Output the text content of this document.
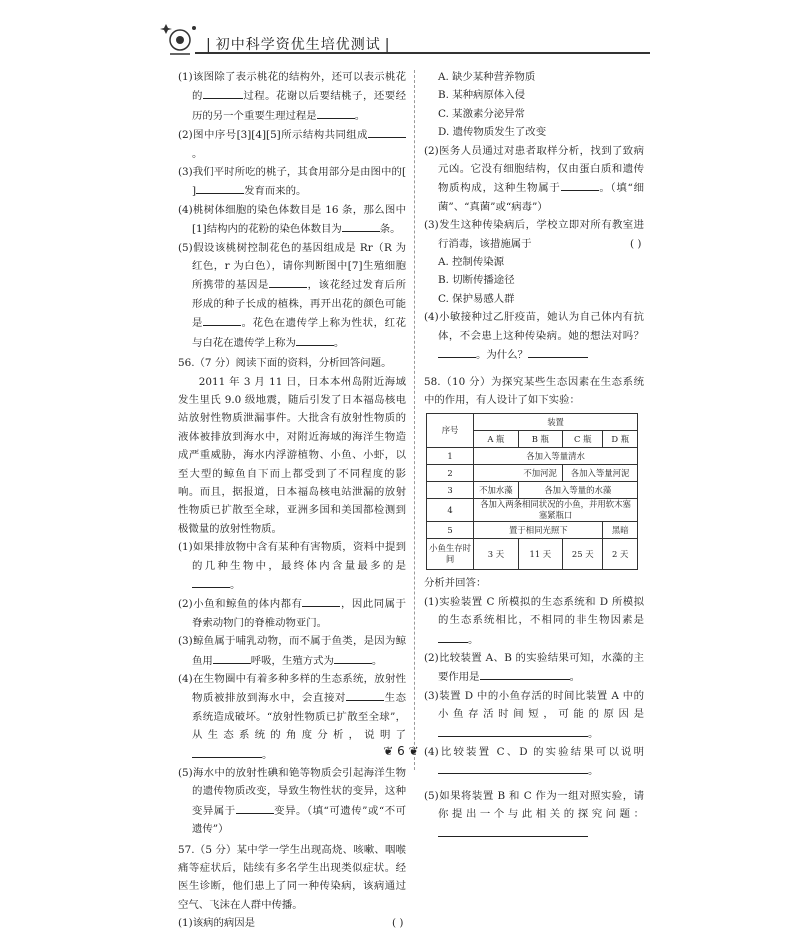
| 初中科学资优生培优测试 |

(1)该图除了表示桃花的结构外，还可以表示桃花的	过程。花谢以后要结桃子，还要经历的另一个重要生理过程是	。

(2)图中序号[3][4][5]所示结构共同组成。

(3)我们平时所吃的桃子，其食用部分是由图中的[ ]	发育而来的。

(4)桃树体细胞的染色体数目是 16 条，那么图中[1]结构内的花粉的染色体数目为	条。

(5)假设该桃树控制花色的基因组成是 Rr（R 为红色，r 为白色），请你判断图中[7]生殖细胞所携带的基因是	，该花经过发育后所形成的种子长成的植株，再开出花的颜色可能是	。花色在遗传学上称为性状，红花与白花在遗传学上称为	。

56.（7 分）阅读下面的资料，分析回答问题。

2011 年 3 月 11 日，日本本州岛附近海域发生里氏 9.0 级地震，随后引发了日本福岛核电站放射性物质泄漏事件。大批含有放射性物质的液体被排放到海水中，对附近海域的海洋生物造成严重威胁，海水内浮游植物、小鱼、小虾，以至大型的鲸鱼自下而上都受到了不同程度的影响。而且，据报道，日本福岛核电站泄漏的放射性物质已扩散至全球，亚洲多国和美国都检测到极微量的放射性物质。

(1)如果排放物中含有某种有害物质，资料中提到的几种生物中，最终体内含量最多的是。

(2)小鱼和鲸鱼的体内都有	，因此同属于脊索动物门的脊椎动物亚门。

(3)鲸鱼属于哺乳动物，而不属于鱼类，是因为鲸鱼用	呼吸，生殖方式为	。

(4)在生物圈中有着多种多样的生态系统，放射性物质被排放到海水中，会直接对	生态系统造成破坏。“放射性物质已扩散至全球”，从生态系统的角度分析，说明了。

(5)海水中的放射性碘和铯等物质会引起海洋生物的遗传物质改变，导致生物性状的变异，这种变异属于	变异。（填“可遗传”或“不可遗传”）

57.（5 分）某中学一学生出现高烧、咳嗽、咽喉痛等症状后，陆续有多名学生出现类似症状。经医生诊断，他们患上了同一种传染病，该病通过空气、飞沫在人群中传播。

(1)该病的病因是	( )

A. 缺少某种营养物质

B. 某种病原体入侵

C. 某激素分泌异常

D. 遗传物质发生了改变

(2)医务人员通过对患者取样分析，找到了致病元凶。它没有细胞结构，仅由蛋白质和遗传物质构成，这种生物属于	。（填“细菌”、“真菌”或“病毒”）

(3)发生这种传染病后，学校立即对所有教室进行消毒，该措施属于	( )

A. 控制传染源

B. 切断传播途径

C. 保护易感人群

(4)小敏接种过乙肝疫苗，她认为自己体内有抗体，不会患上这种传染病。她的想法对吗？。为什么？

58.（10 分）为探究某些生态因素在生态系统中的作用，有人设计了如下实验：

序号	装置			
	A 瓶	B 瓶	C 瓶	D 瓶
1	各加入等量清水			
2		不加河泥	各加入等量河泥	
3	不加水藻	各加入等量的水藻		
4	各加入两条相同状况的小鱼，并用软木塞塞紧瓶口			
5	置于相同光照下			黑暗
小鱼生存时间	3 天	11 天	25 天	2 天

分析并回答：

(1)实验装置 C 所模拟的生态系统和 D 所模拟的生态系统相比，不相同的非生物因素是。

(2)比较装置 A、B 的实验结果可知，水藻的主要作用是	。

(3)装置 D 中的小鱼存活的时间比装置 A 中的小鱼存活时间短，可能的原因是。

(4)比较装置 C、D 的实验结果可以说明。

(5)如果将装置 B 和 C 作为一组对照实验，请你提出一个与此相关的探究问题：

❦ 6 ❦
